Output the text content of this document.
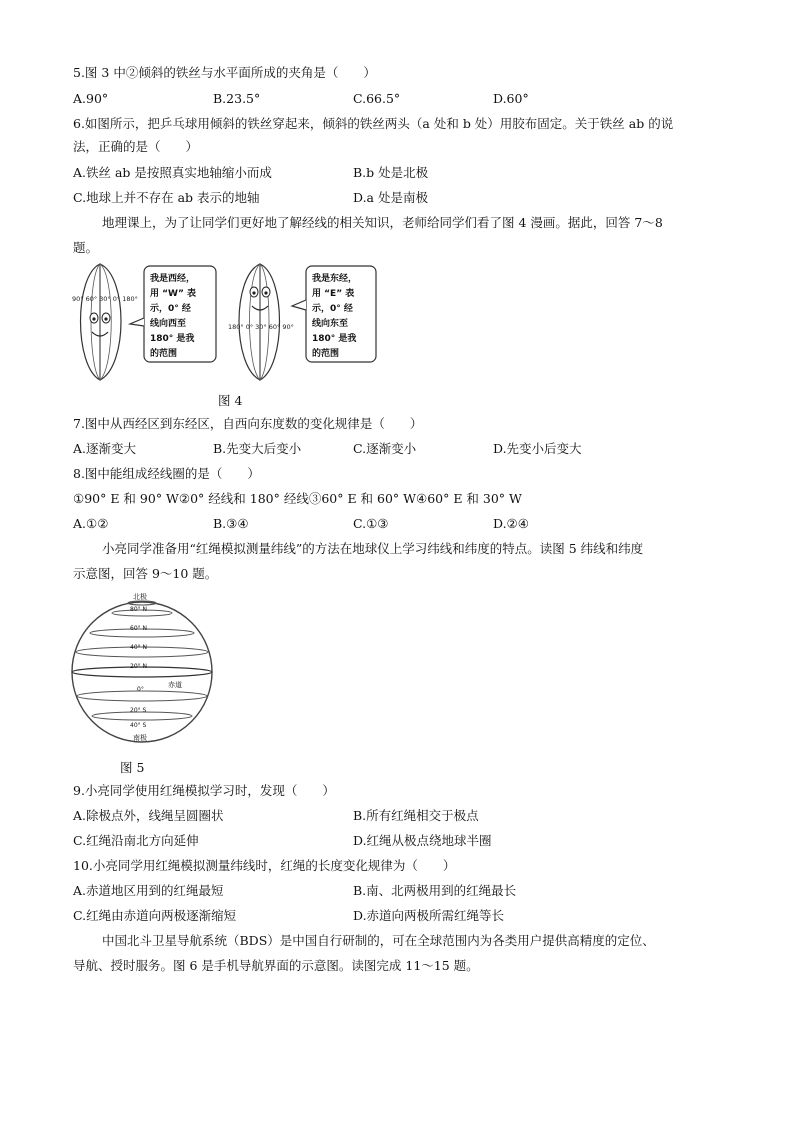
5.图 3 中②倾斜的铁丝与水平面所成的夹角是（　　）
A.90°	B.23.5°	C.66.5°	D.60°
6.如图所示，把乒乓球用倾斜的铁丝穿起来，倾斜的铁丝两头（a 处和 b 处）用胶布固定。关于铁丝 ab 的说
法，正确的是（　　）
A.铁丝 ab 是按照真实地轴缩小而成	B.b 处是北极
C.地球上并不存在 ab 表示的地轴	D.a 处是南极
地理课上，为了让同学们更好地了解经线的相关知识，老师给同学们看了图 4 漫画。据此，回答 7～8
题。
90° 60° 30° 0° 180°
我是西经， 用 “W” 表 示，0° 经 线向西至 180° 是我 的范围
180° 0° 30° 60° 90°
我是东经， 用 “E” 表 示，0° 经 线向东至 180° 是我 的范围
图 4
7.图中从西经区到东经区，自西向东度数的变化规律是（　　）
A.逐渐变大	B.先变大后变小	C.逐渐变小	D.先变小后变大
8.图中能组成经线圈的是（　　）
①90° E 和 90° W②0° 经线和 180° 经线③60° E 和 60° W④60° E 和 30° W
A.①②	B.③④	C.①③	D.②④
小亮同学准备用“红绳模拟测量纬线”的方法在地球仪上学习纬线和纬度的特点。读图 5 纬线和纬度
示意图，回答 9～10 题。
北极
80° N
60° N
40° N
20° N
赤道
0°
20° S
40° S
南极
图 5
9.小亮同学使用红绳模拟学习时，发现（　　）
A.除极点外，线绳呈圆圈状	B.所有红绳相交于极点
C.红绳沿南北方向延伸	D.红绳从极点绕地球半圈
10.小亮同学用红绳模拟测量纬线时，红绳的长度变化规律为（　　）
A.赤道地区用到的红绳最短	B.南、北两极用到的红绳最长
C.红绳由赤道向两极逐渐缩短	D.赤道向两极所需红绳等长
中国北斗卫星导航系统（BDS）是中国自行研制的，可在全球范围内为各类用户提供高精度的定位、
导航、授时服务。图 6 是手机导航界面的示意图。读图完成 11～15 题。
